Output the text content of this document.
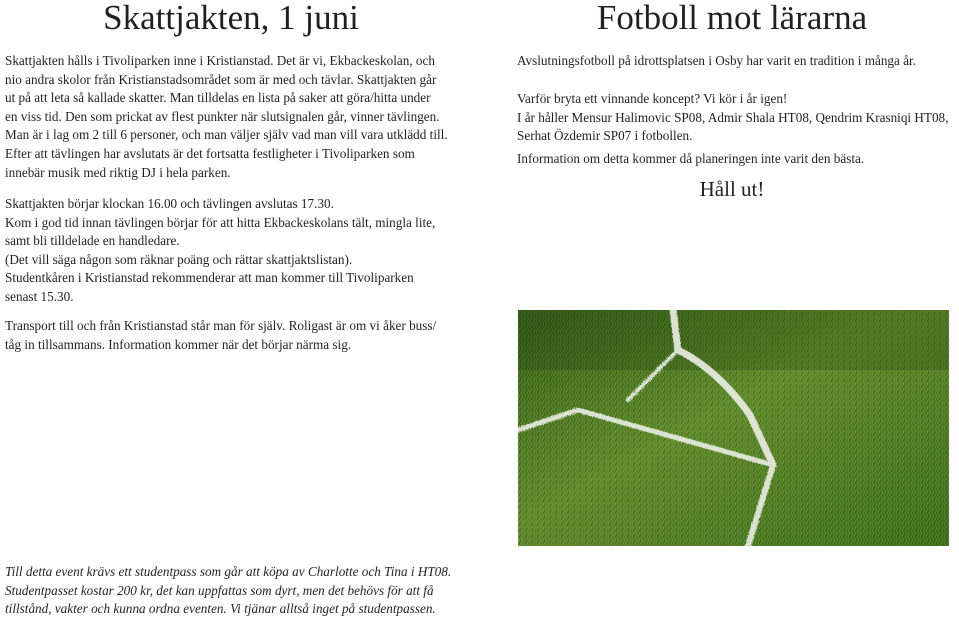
Skattjakten, 1 juni

Skattjakten hålls i Tivoliparken inne i Kristianstad. Det är vi, Ekbackeskolan, och

nio andra skolor från Kristianstadsområdet som är med och tävlar. Skattjakten går

ut på att leta så kallade skatter. Man tilldelas en lista på saker att göra/hitta under

en viss tid. Den som prickat av flest punkter när slutsignalen går, vinner tävlingen.

Man är i lag om 2 till 6 personer, och man väljer själv vad man vill vara utklädd till.

Efter att tävlingen har avslutats är det fortsatta festligheter i Tivoliparken som

innebär musik med riktig DJ i hela parken.

Skattjakten börjar klockan 16.00 och tävlingen avslutas 17.30.

Kom i god tid innan tävlingen börjar för att hitta Ekbackeskolans tält, mingla lite,

samt bli tilldelade en handledare.

(Det vill säga någon som räknar poäng och rättar skattjaktslistan).

Studentkåren i Kristianstad rekommenderar att man kommer till Tivoliparken

senast 15.30.

Transport till och från Kristianstad står man för själv. Roligast är om vi åker buss/

tåg in tillsammans. Information kommer när det börjar närma sig.

Fotboll mot lärarna

Avslutningsfotboll på idrottsplatsen i Osby har varit en tradition i många år.

Varför bryta ett vinnande koncept? Vi kör i år igen!

I år håller Mensur Halimovic SP08, Admir Shala HT08, Qendrim Krasniqi HT08,

Serhat Özdemir SP07 i fotbollen.

Information om detta kommer då planeringen inte varit den bästa.

Håll ut!

Till detta event krävs ett studentpass som går att köpa av Charlotte och Tina i HT08.

Studentpasset kostar 200 kr, det kan uppfattas som dyrt, men det behövs för att få

tillstånd, vakter och kunna ordna eventen. Vi tjänar alltså inget på studentpassen.
